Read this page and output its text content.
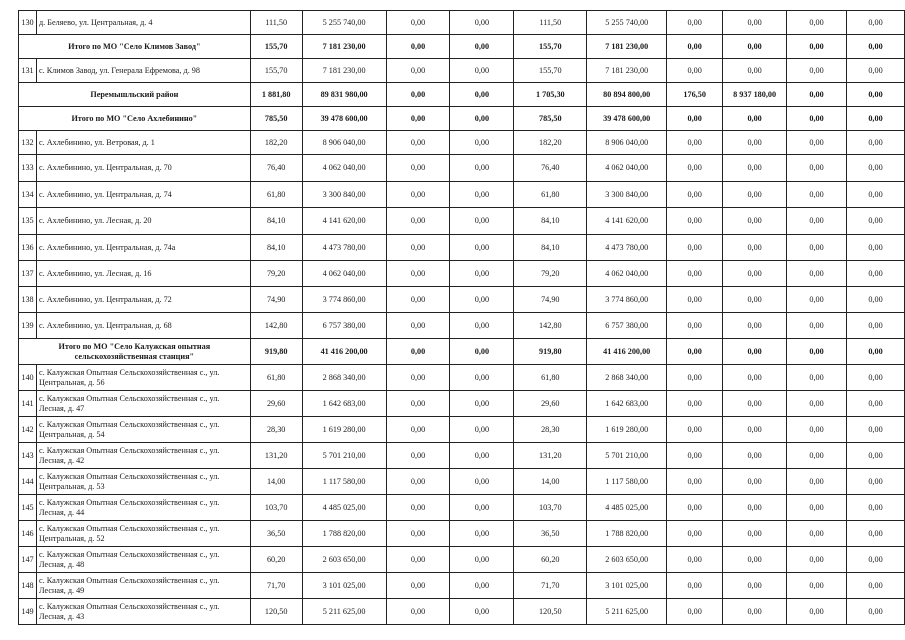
130	д. Беляево, ул. Центральная, д. 4	111,50	5 255 740,00	0,00	0,00	111,50	5 255 740,00	0,00	0,00	0,00	0,00
Итого по МО "Село Климов Завод"		155,70	7 181 230,00	0,00	0,00	155,70	7 181 230,00	0,00	0,00	0,00	0,00
131	с. Климов Завод, ул. Генерала Ефремова, д. 98	155,70	7 181 230,00	0,00	0,00	155,70	7 181 230,00	0,00	0,00	0,00	0,00
Перемышльский район		1 881,80	89 831 980,00	0,00	0,00	1 705,30	80 894 800,00	176,50	8 937 180,00	0,00	0,00
Итого по МО "Село Ахлебинино"		785,50	39 478 600,00	0,00	0,00	785,50	39 478 600,00	0,00	0,00	0,00	0,00
132	с. Ахлебинино, ул. Ветровая, д. 1	182,20	8 906 040,00	0,00	0,00	182,20	8 906 040,00	0,00	0,00	0,00	0,00
133	с. Ахлебинино, ул. Центральная, д. 70	76,40	4 062 040,00	0,00	0,00	76,40	4 062 040,00	0,00	0,00	0,00	0,00
134	с. Ахлебинино, ул. Центральная, д. 74	61,80	3 300 840,00	0,00	0,00	61,80	3 300 840,00	0,00	0,00	0,00	0,00
135	с. Ахлебинино, ул. Лесная, д. 20	84,10	4 141 620,00	0,00	0,00	84,10	4 141 620,00	0,00	0,00	0,00	0,00
136	с. Ахлебинино, ул. Центральная, д. 74а	84,10	4 473 780,00	0,00	0,00	84,10	4 473 780,00	0,00	0,00	0,00	0,00
137	с. Ахлебинино, ул. Лесная, д. 16	79,20	4 062 040,00	0,00	0,00	79,20	4 062 040,00	0,00	0,00	0,00	0,00
138	с. Ахлебинино, ул. Центральная, д. 72	74,90	3 774 860,00	0,00	0,00	74,90	3 774 860,00	0,00	0,00	0,00	0,00
139	с. Ахлебинино, ул. Центральная, д. 68	142,80	6 757 380,00	0,00	0,00	142,80	6 757 380,00	0,00	0,00	0,00	0,00
Итого по МО "Село Калужская опытная сельскохозяйственная станция"		919,80	41 416 200,00	0,00	0,00	919,80	41 416 200,00	0,00	0,00	0,00	0,00
140	с. Калужская Опытная Сельскохозяйственная с., ул. Центральная, д. 56	61,80	2 868 340,00	0,00	0,00	61,80	2 868 340,00	0,00	0,00	0,00	0,00
141	с. Калужская Опытная Сельскохозяйственная с., ул. Лесная, д. 47	29,60	1 642 683,00	0,00	0,00	29,60	1 642 683,00	0,00	0,00	0,00	0,00
142	с. Калужская Опытная Сельскохозяйственная с., ул. Центральная, д. 54	28,30	1 619 280,00	0,00	0,00	28,30	1 619 280,00	0,00	0,00	0,00	0,00
143	с. Калужская Опытная Сельскохозяйственная с., ул. Лесная, д. 42	131,20	5 701 210,00	0,00	0,00	131,20	5 701 210,00	0,00	0,00	0,00	0,00
144	с. Калужская Опытная Сельскохозяйственная с., ул. Центральная, д. 53	14,00	1 117 580,00	0,00	0,00	14,00	1 117 580,00	0,00	0,00	0,00	0,00
145	с. Калужская Опытная Сельскохозяйственная с., ул. Лесная, д. 44	103,70	4 485 025,00	0,00	0,00	103,70	4 485 025,00	0,00	0,00	0,00	0,00
146	с. Калужская Опытная Сельскохозяйственная с., ул. Центральная, д. 52	36,50	1 788 820,00	0,00	0,00	36,50	1 788 820,00	0,00	0,00	0,00	0,00
147	с. Калужская Опытная Сельскохозяйственная с., ул. Лесная, д. 48	60,20	2 603 650,00	0,00	0,00	60,20	2 603 650,00	0,00	0,00	0,00	0,00
148	с. Калужская Опытная Сельскохозяйственная с., ул. Лесная, д. 49	71,70	3 101 025,00	0,00	0,00	71,70	3 101 025,00	0,00	0,00	0,00	0,00
149	с. Калужская Опытная Сельскохозяйственная с., ул. Лесная, д. 43	120,50	5 211 625,00	0,00	0,00	120,50	5 211 625,00	0,00	0,00	0,00	0,00
